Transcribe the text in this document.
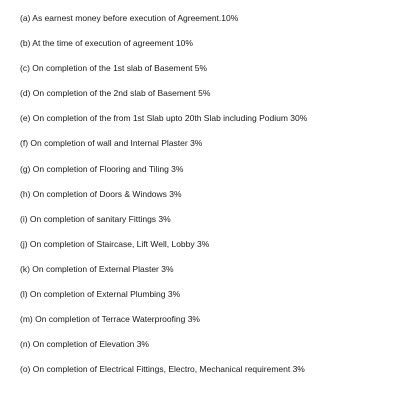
(a) As earnest money before execution of Agreement.10%
(b) At the time of execution of agreement 10%
(c) On completion of the 1st slab of Basement 5%
(d) On completion of the 2nd slab of Basement 5%
(e) On completion of the from 1st Slab upto 20th Slab including Podium 30%
(f) On completion of wall and Internal Plaster 3%
(g) On completion of Flooring and Tiling 3%
(h) On completion of Doors & Windows 3%
(i) On completion of sanitary Fittings 3%
(j) On completion of Staircase, Lift Well, Lobby 3%
(k) On completion of External Plaster 3%
(l) On completion of External Plumbing 3%
(m) On completion of Terrace Waterproofing 3%
(n) On completion of Elevation 3%
(o) On completion of Electrical Fittings, Electro, Mechanical requirement 3%
